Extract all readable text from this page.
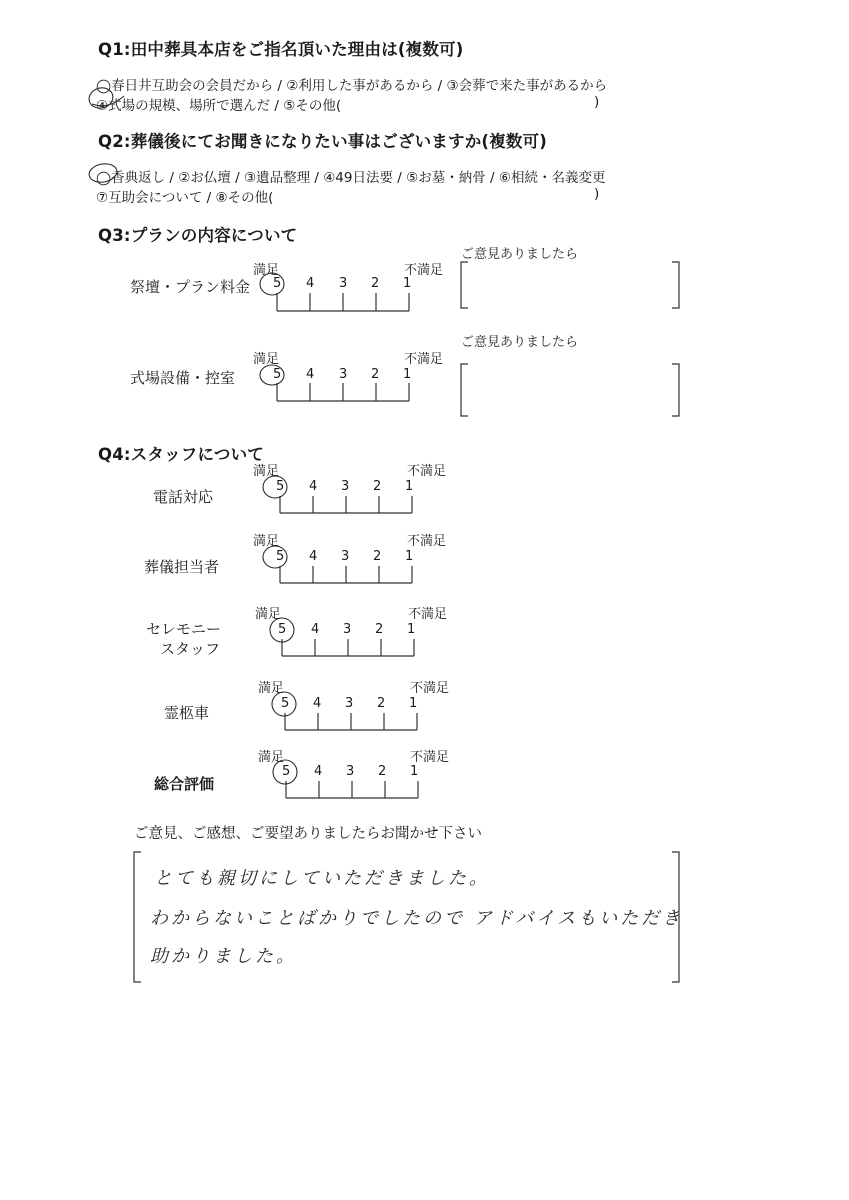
Q1:田中葬具本店をご指名頂いた理由は(複数可)
◯春日井互助会の会員だから / ②利用した事があるから / ③会葬で来た事があるから
④式場の規模、場所で選んだ / ⑤その他(	)
Q2:葬儀後にてお聞きになりたい事はございますか(複数可)
◯香典返し / ②お仏壇 / ③遺品整理 / ④49日法要 / ⑤お墓・納骨 / ⑥相続・名義変更
⑦互助会について / ⑧その他(	)
Q3:プランの内容について
祭壇・プラン料金
ご意見ありましたら
満足	不満足
5 4 3 2 1
式場設備・控室
ご意見ありましたら
満足	不満足
5 4 3 2 1
Q4:スタッフについて
電話対応
満足	不満足
5 4 3 2 1
葬儀担当者
満足	不満足
5 4 3 2 1
セレモニー
スタッフ
満足	不満足
5 4 3 2 1
霊柩車
満足	不満足
5 4 3 2 1
総合評価
満足	不満足
5 4 3 2 1
ご意見、ご感想、ご要望ありましたらお聞かせ下さい
とても親切にしていただきました。
わからないことばかりでしたので アドバイスもいただき
助かりました。
